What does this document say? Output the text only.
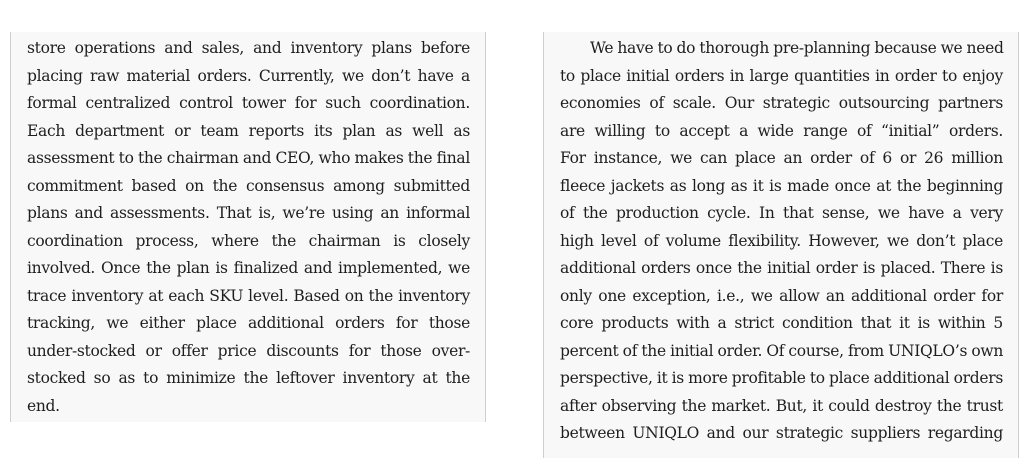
store operations and sales, and inventory plans before
placing raw material orders. Currently, we don’t have a
formal centralized control tower for such coordination.
Each department or team reports its plan as well as
assessment to the chairman and CEO, who makes the final
commitment based on the consensus among submitted
plans and assessments. That is, we’re using an informal
coordination process, where the chairman is closely
involved. Once the plan is finalized and implemented, we
trace inventory at each SKU level. Based on the inventory
tracking, we either place additional orders for those
under-stocked or offer price discounts for those over-
stocked so as to minimize the leftover inventory at the
end.
We have to do thorough pre-planning because we need
to place initial orders in large quantities in order to enjoy
economies of scale. Our strategic outsourcing partners
are willing to accept a wide range of “initial” orders.
For instance, we can place an order of 6 or 26 million
fleece jackets as long as it is made once at the beginning
of the production cycle. In that sense, we have a very
high level of volume flexibility. However, we don’t place
additional orders once the initial order is placed. There is
only one exception, i.e., we allow an additional order for
core products with a strict condition that it is within 5
percent of the initial order. Of course, from UNIQLO’s own
perspective, it is more profitable to place additional orders
after observing the market. But, it could destroy the trust
between UNIQLO and our strategic suppliers regarding
